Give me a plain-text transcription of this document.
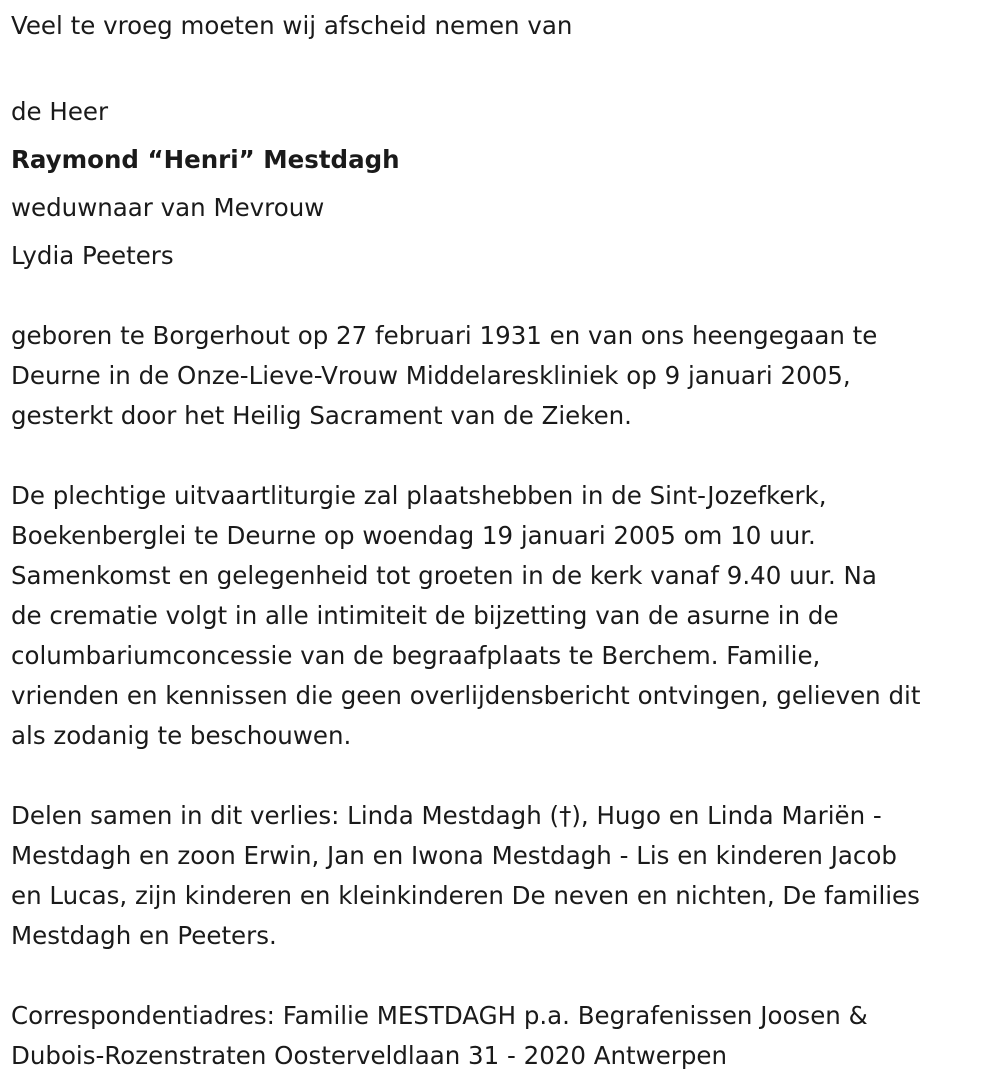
Veel te vroeg moeten wij afscheid nemen van

de Heer

Raymond “Henri” Mestdagh

weduwnaar van Mevrouw

Lydia Peeters

geboren te Borgerhout op 27 februari 1931 en van ons heengegaan te

Deurne in de Onze-Lieve-Vrouw Middelareskliniek op 9 januari 2005,

gesterkt door het Heilig Sacrament van de Zieken.

De plechtige uitvaartliturgie zal plaatshebben in de Sint-Jozefkerk,

Boekenberglei te Deurne op woendag 19 januari 2005 om 10 uur.

Samenkomst en gelegenheid tot groeten in de kerk vanaf 9.40 uur. Na

de crematie volgt in alle intimiteit de bijzetting van de asurne in de

columbariumconcessie van de begraafplaats te Berchem. Familie,

vrienden en kennissen die geen overlijdensbericht ontvingen, gelieven dit

als zodanig te beschouwen.

Delen samen in dit verlies: Linda Mestdagh (†), Hugo en Linda Mariën -

Mestdagh en zoon Erwin, Jan en Iwona Mestdagh - Lis en kinderen Jacob

en Lucas, zijn kinderen en kleinkinderen De neven en nichten, De families

Mestdagh en Peeters.

Correspondentiadres: Familie MESTDAGH p.a. Begrafenissen Joosen &

Dubois-Rozenstraten Oosterveldlaan 31 - 2020 Antwerpen
